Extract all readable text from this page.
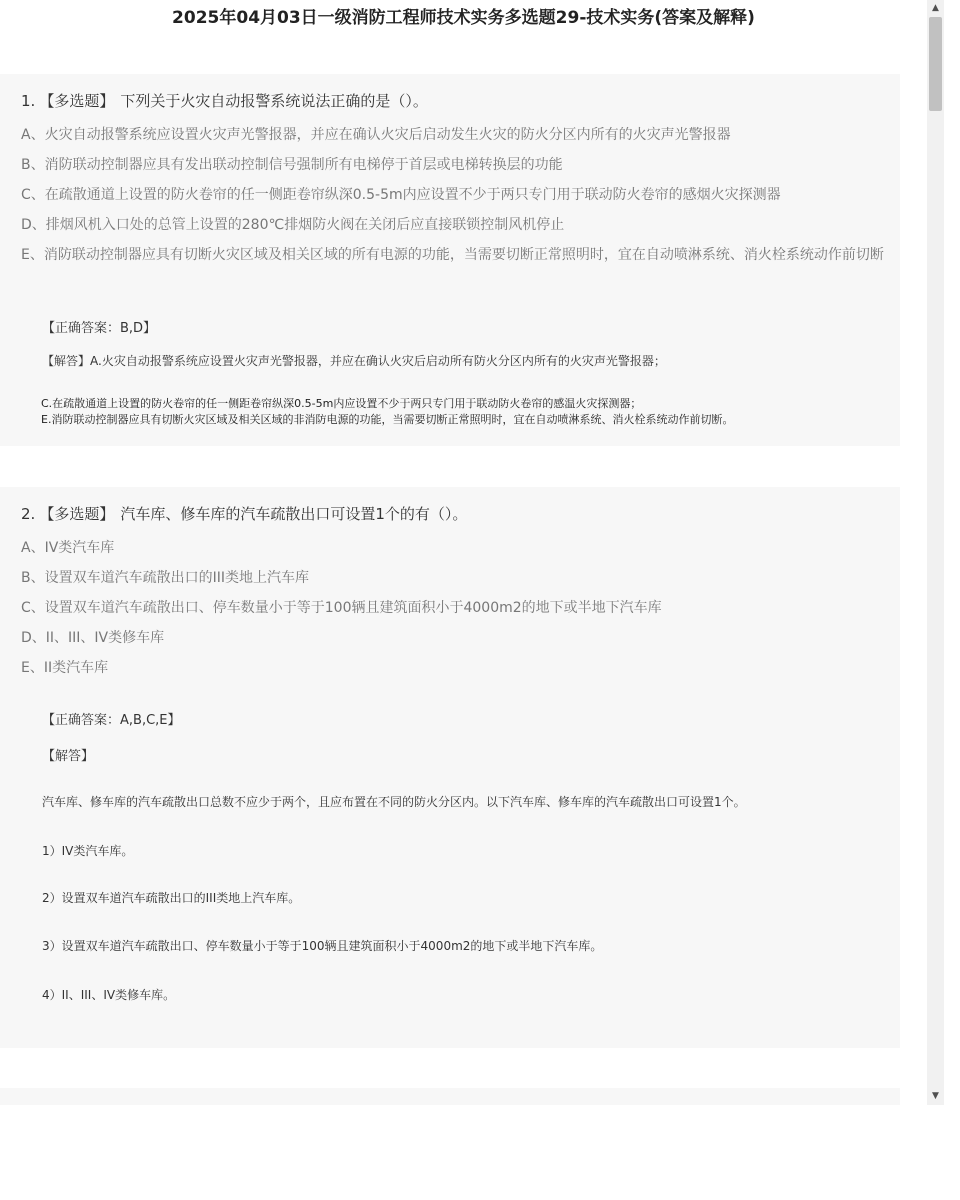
2025年04月03日一级消防工程师技术实务多选题29-技术实务(答案及解释)
1. 【多选题】 下列关于火灾自动报警系统说法正确的是（）。
A、火灾自动报警系统应设置火灾声光警报器，并应在确认火灾后启动发生火灾的防火分区内所有的火灾声光警报器
B、消防联动控制器应具有发出联动控制信号强制所有电梯停于首层或电梯转换层的功能
C、在疏散通道上设置的防火卷帘的任一侧距卷帘纵深0.5-5m内应设置不少于两只专门用于联动防火卷帘的感烟火灾探测器
D、排烟风机入口处的总管上设置的280℃排烟防火阀在关闭后应直接联锁控制风机停止
E、消防联动控制器应具有切断火灾区域及相关区域的所有电源的功能，当需要切断正常照明时，宜在自动喷淋系统、消火栓系统动作前切断
【正确答案：B,D】
【解答】A.火灾自动报警系统应设置火灾声光警报器，并应在确认火灾后启动所有防火分区内所有的火灾声光警报器；
C.在疏散通道上设置的防火卷帘的任一侧距卷帘纵深0.5-5m内应设置不少于两只专门用于联动防火卷帘的感温火灾探测器；
E.消防联动控制器应具有切断火灾区域及相关区域的非消防电源的功能，当需要切断正常照明时，宜在自动喷淋系统、消火栓系统动作前切断。
2. 【多选题】 汽车库、修车库的汽车疏散出口可设置1个的有（）。
A、IV类汽车库
B、设置双车道汽车疏散出口的III类地上汽车库
C、设置双车道汽车疏散出口、停车数量小于等于100辆且建筑面积小于4000m2的地下或半地下汽车库
D、II、III、IV类修车库
E、II类汽车库
【正确答案：A,B,C,E】
【解答】
汽车库、修车库的汽车疏散出口总数不应少于两个，且应布置在不同的防火分区内。以下汽车库、修车库的汽车疏散出口可设置1个。
1）IV类汽车库。
2）设置双车道汽车疏散出口的III类地上汽车库。
3）设置双车道汽车疏散出口、停车数量小于等于100辆且建筑面积小于4000m2的地下或半地下汽车库。
4）II、III、IV类修车库。
▲
▼
